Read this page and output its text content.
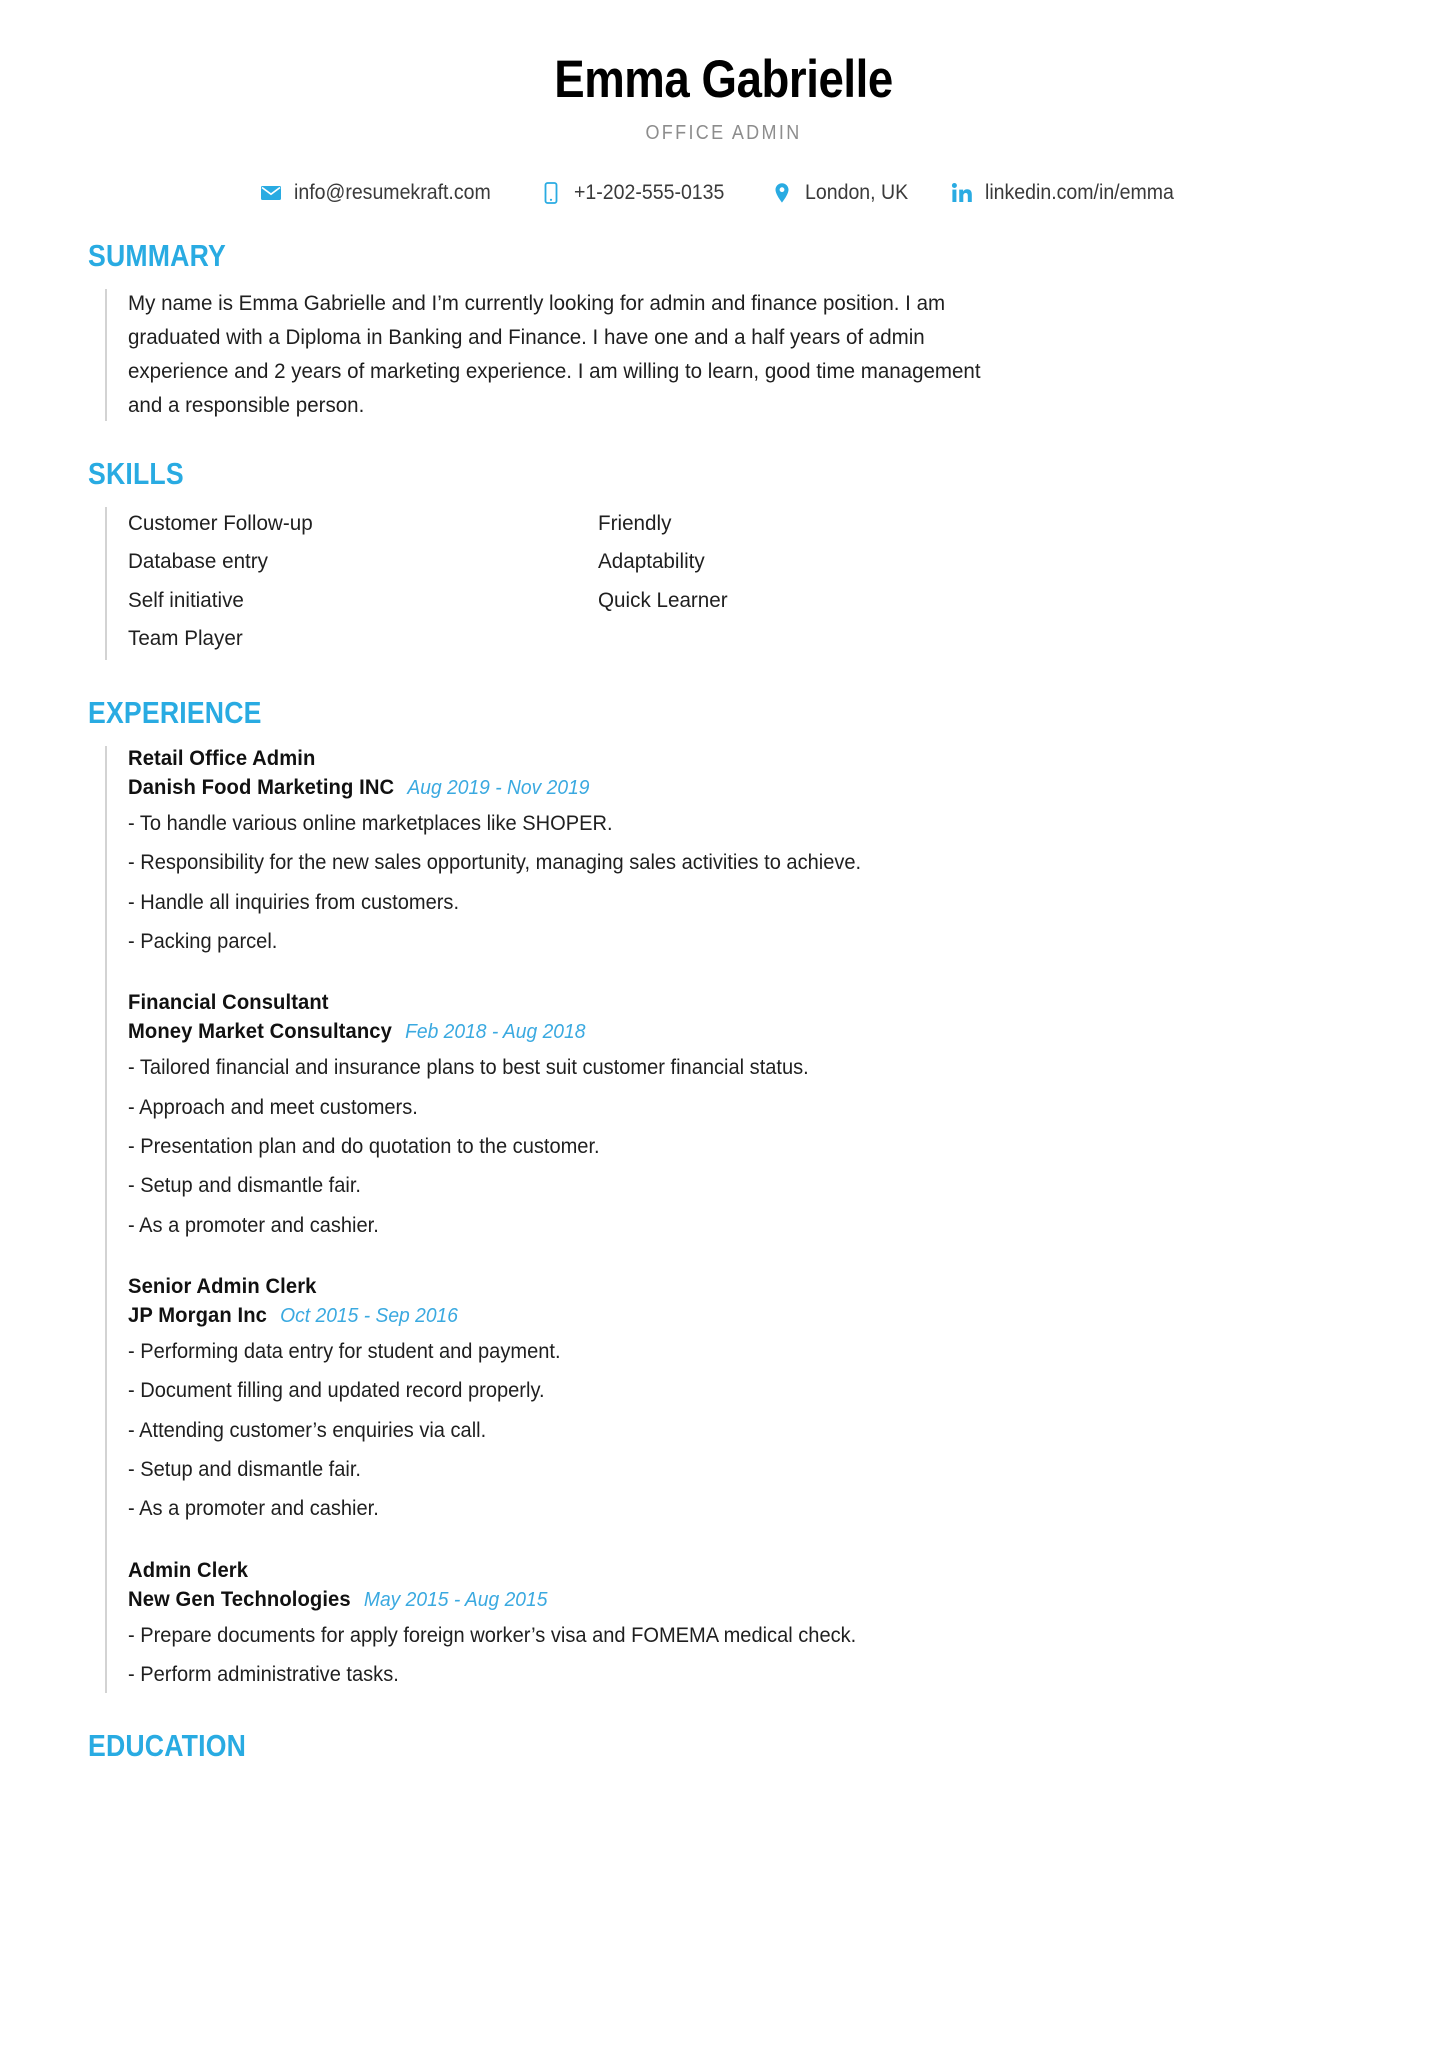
Emma Gabrielle
OFFICE ADMIN
info@resumekraft.com	+1-202-555-0135	London, UK	linkedin.com/in/emma
SUMMARY
My name is Emma Gabrielle and I’m currently looking for admin and finance position. I am graduated with a Diploma in Banking and Finance. I have one and a half years of admin experience and 2 years of marketing experience. I am willing to learn, good time management and a responsible person.
SKILLS
Customer Follow-up
Database entry
Self initiative
Team Player
Friendly
Adaptability
Quick Learner
EXPERIENCE
Retail Office Admin
Danish Food Marketing INC Aug 2019 - Nov 2019
- To handle various online marketplaces like SHOPER.
- Responsibility for the new sales opportunity, managing sales activities to achieve.
- Handle all inquiries from customers.
- Packing parcel.
Financial Consultant
Money Market Consultancy Feb 2018 - Aug 2018
- Tailored financial and insurance plans to best suit customer financial status.
- Approach and meet customers.
- Presentation plan and do quotation to the customer.
- Setup and dismantle fair.
- As a promoter and cashier.
Senior Admin Clerk
JP Morgan Inc Oct 2015 - Sep 2016
- Performing data entry for student and payment.
- Document filling and updated record properly.
- Attending customer’s enquiries via call.
- Setup and dismantle fair.
- As a promoter and cashier.
Admin Clerk
New Gen Technologies May 2015 - Aug 2015
- Prepare documents for apply foreign worker’s visa and FOMEMA medical check.
- Perform administrative tasks.
EDUCATION
